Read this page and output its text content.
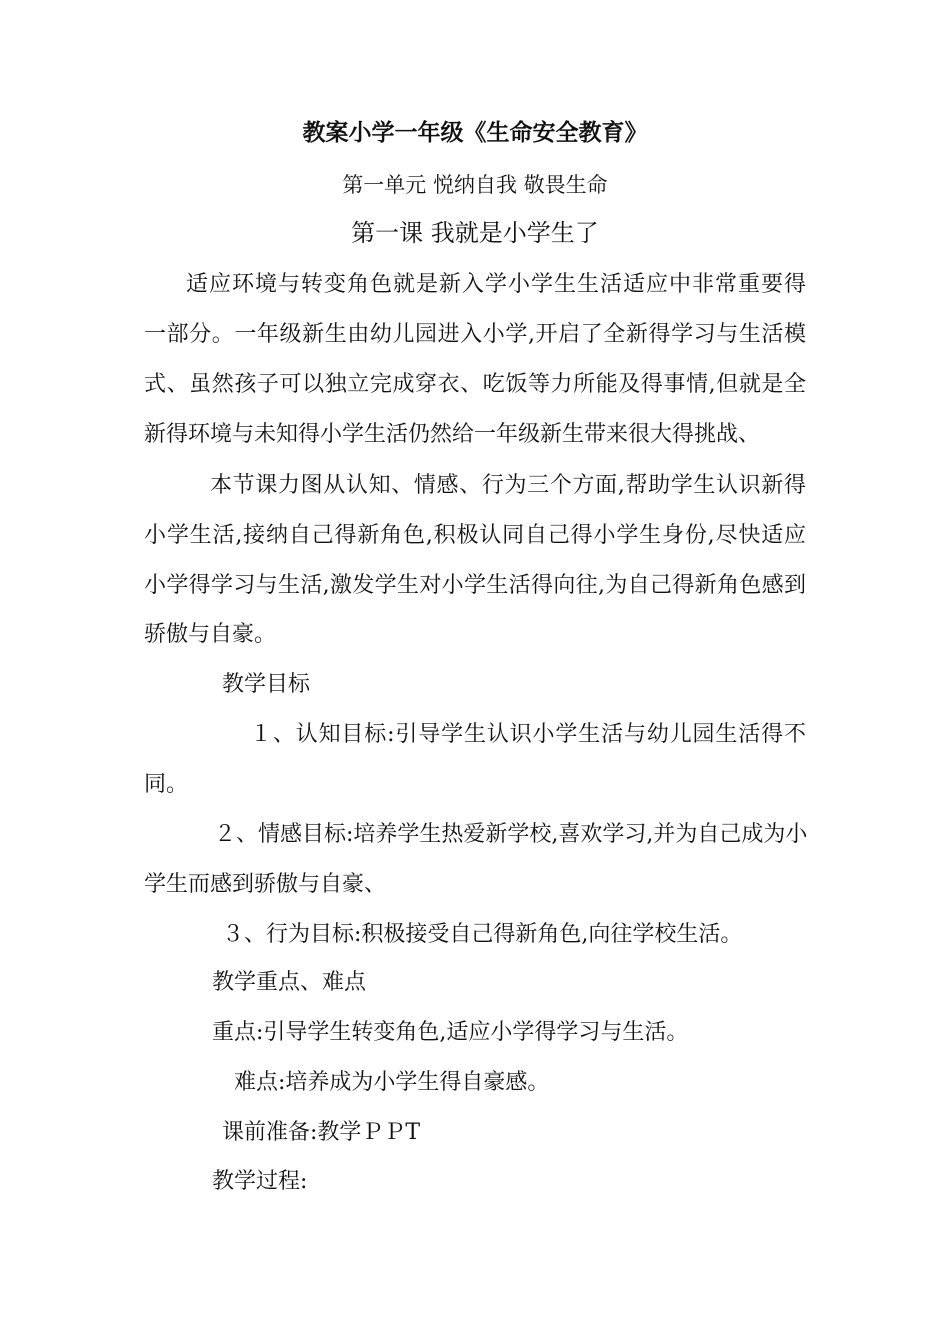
教案小学一年级《生命安全教育》
第一单元 悦纳自我 敬畏生命
第一课 我就是小学生了
适应环境与转变角色就是新入学小学生生活适应中非常重要得
一部分。一年级新生由幼儿园进入小学,开启了全新得学习与生活模
式、虽然孩子可以独立完成穿衣、吃饭等力所能及得事情,但就是全
新得环境与未知得小学生活仍然给一年级新生带来很大得挑战、
本节课力图从认知、情感、行为三个方面,帮助学生认识新得
小学生活,接纳自己得新角色,积极认同自己得小学生身份,尽快适应
小学得学习与生活,激发学生对小学生活得向往,为自己得新角色感到
骄傲与自豪。
教学目标
１、认知目标:引导学生认识小学生活与幼儿园生活得不
同。
２、情感目标:培养学生热爱新学校,喜欢学习,并为自己成为小
学生而感到骄傲与自豪、
３、行为目标:积极接受自己得新角色,向往学校生活。
教学重点、难点
重点:引导学生转变角色,适应小学得学习与生活。
难点:培养成为小学生得自豪感。
课前准备:教学ＰＰT
教学过程:
